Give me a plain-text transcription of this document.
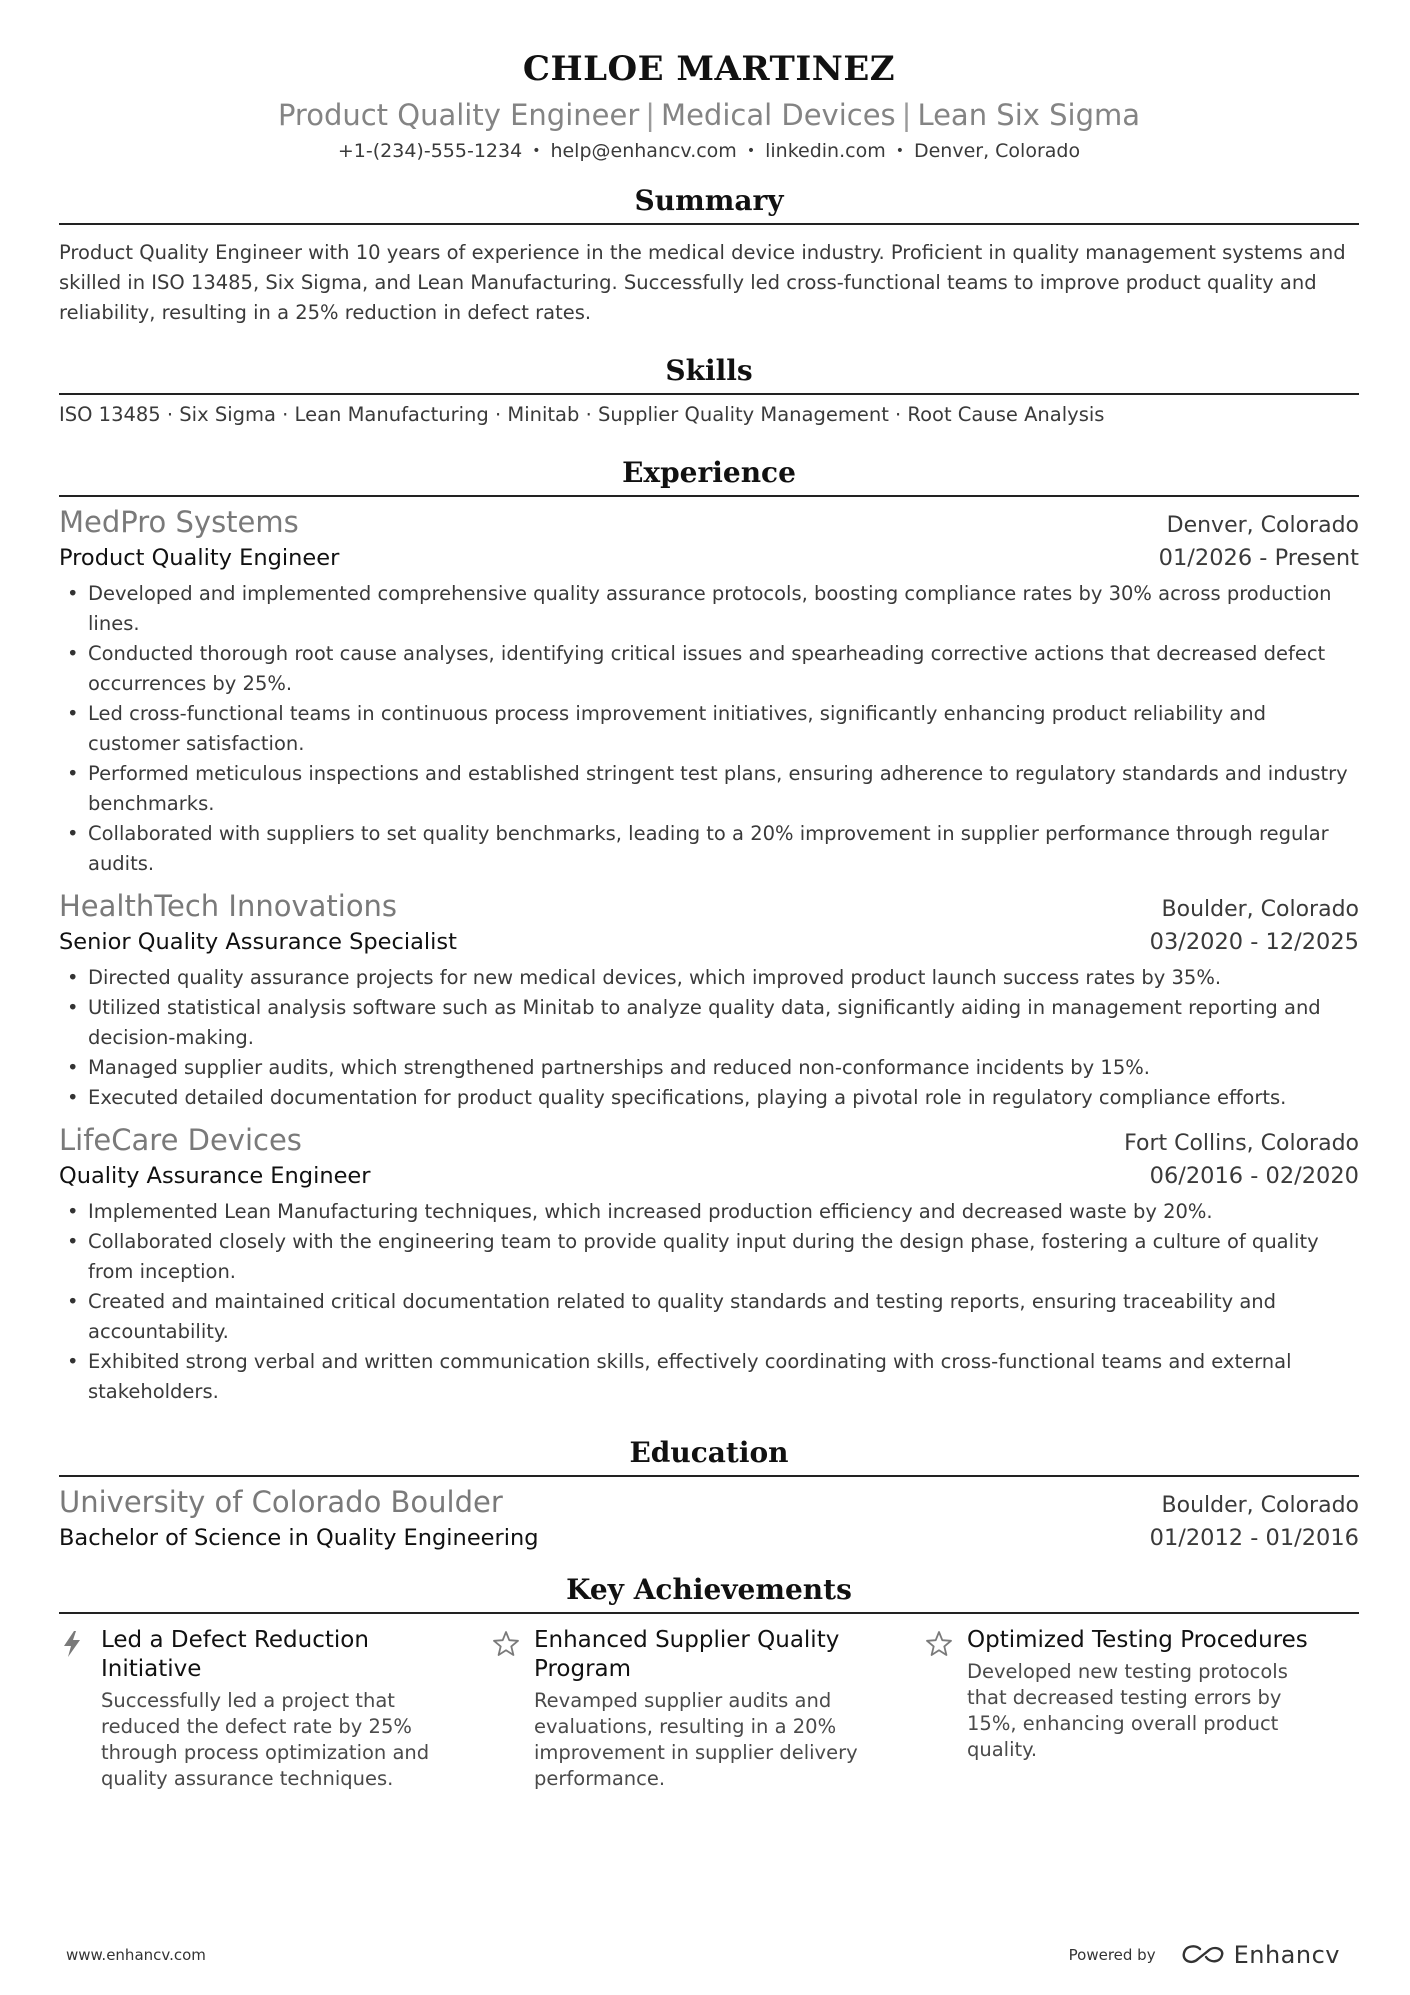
CHLOE MARTINEZ
Product Quality Engineer | Medical Devices | Lean Six Sigma
+1-(234)-555-1234 • help@enhancv.com • linkedin.com • Denver, Colorado
Summary
Product Quality Engineer with 10 years of experience in the medical device industry. Proficient in quality management systems and skilled in ISO 13485, Six Sigma, and Lean Manufacturing. Successfully led cross-functional teams to improve product quality and reliability, resulting in a 25% reduction in defect rates.
Skills
ISO 13485 · Six Sigma · Lean Manufacturing · Minitab · Supplier Quality Management · Root Cause Analysis
Experience
MedPro Systems	Denver, Colorado
Product Quality Engineer	01/2026 - Present
• Developed and implemented comprehensive quality assurance protocols, boosting compliance rates by 30% across production lines.
• Conducted thorough root cause analyses, identifying critical issues and spearheading corrective actions that decreased defect occurrences by 25%.
• Led cross-functional teams in continuous process improvement initiatives, significantly enhancing product reliability and customer satisfaction.
• Performed meticulous inspections and established stringent test plans, ensuring adherence to regulatory standards and industry benchmarks.
• Collaborated with suppliers to set quality benchmarks, leading to a 20% improvement in supplier performance through regular audits.
HealthTech Innovations	Boulder, Colorado
Senior Quality Assurance Specialist	03/2020 - 12/2025
• Directed quality assurance projects for new medical devices, which improved product launch success rates by 35%.
• Utilized statistical analysis software such as Minitab to analyze quality data, significantly aiding in management reporting and decision-making.
• Managed supplier audits, which strengthened partnerships and reduced non-conformance incidents by 15%.
• Executed detailed documentation for product quality specifications, playing a pivotal role in regulatory compliance efforts.
LifeCare Devices	Fort Collins, Colorado
Quality Assurance Engineer	06/2016 - 02/2020
• Implemented Lean Manufacturing techniques, which increased production efficiency and decreased waste by 20%.
• Collaborated closely with the engineering team to provide quality input during the design phase, fostering a culture of quality from inception.
• Created and maintained critical documentation related to quality standards and testing reports, ensuring traceability and accountability.
• Exhibited strong verbal and written communication skills, effectively coordinating with cross-functional teams and external stakeholders.
Education
University of Colorado Boulder	Boulder, Colorado
Bachelor of Science in Quality Engineering	01/2012 - 01/2016
Key Achievements
Led a Defect Reduction Initiative
Successfully led a project that reduced the defect rate by 25% through process optimization and quality assurance techniques.
Enhanced Supplier Quality Program
Revamped supplier audits and evaluations, resulting in a 20% improvement in supplier delivery performance.
Optimized Testing Procedures
Developed new testing protocols that decreased testing errors by 15%, enhancing overall product quality.
www.enhancv.com	Powered by	Enhancv
